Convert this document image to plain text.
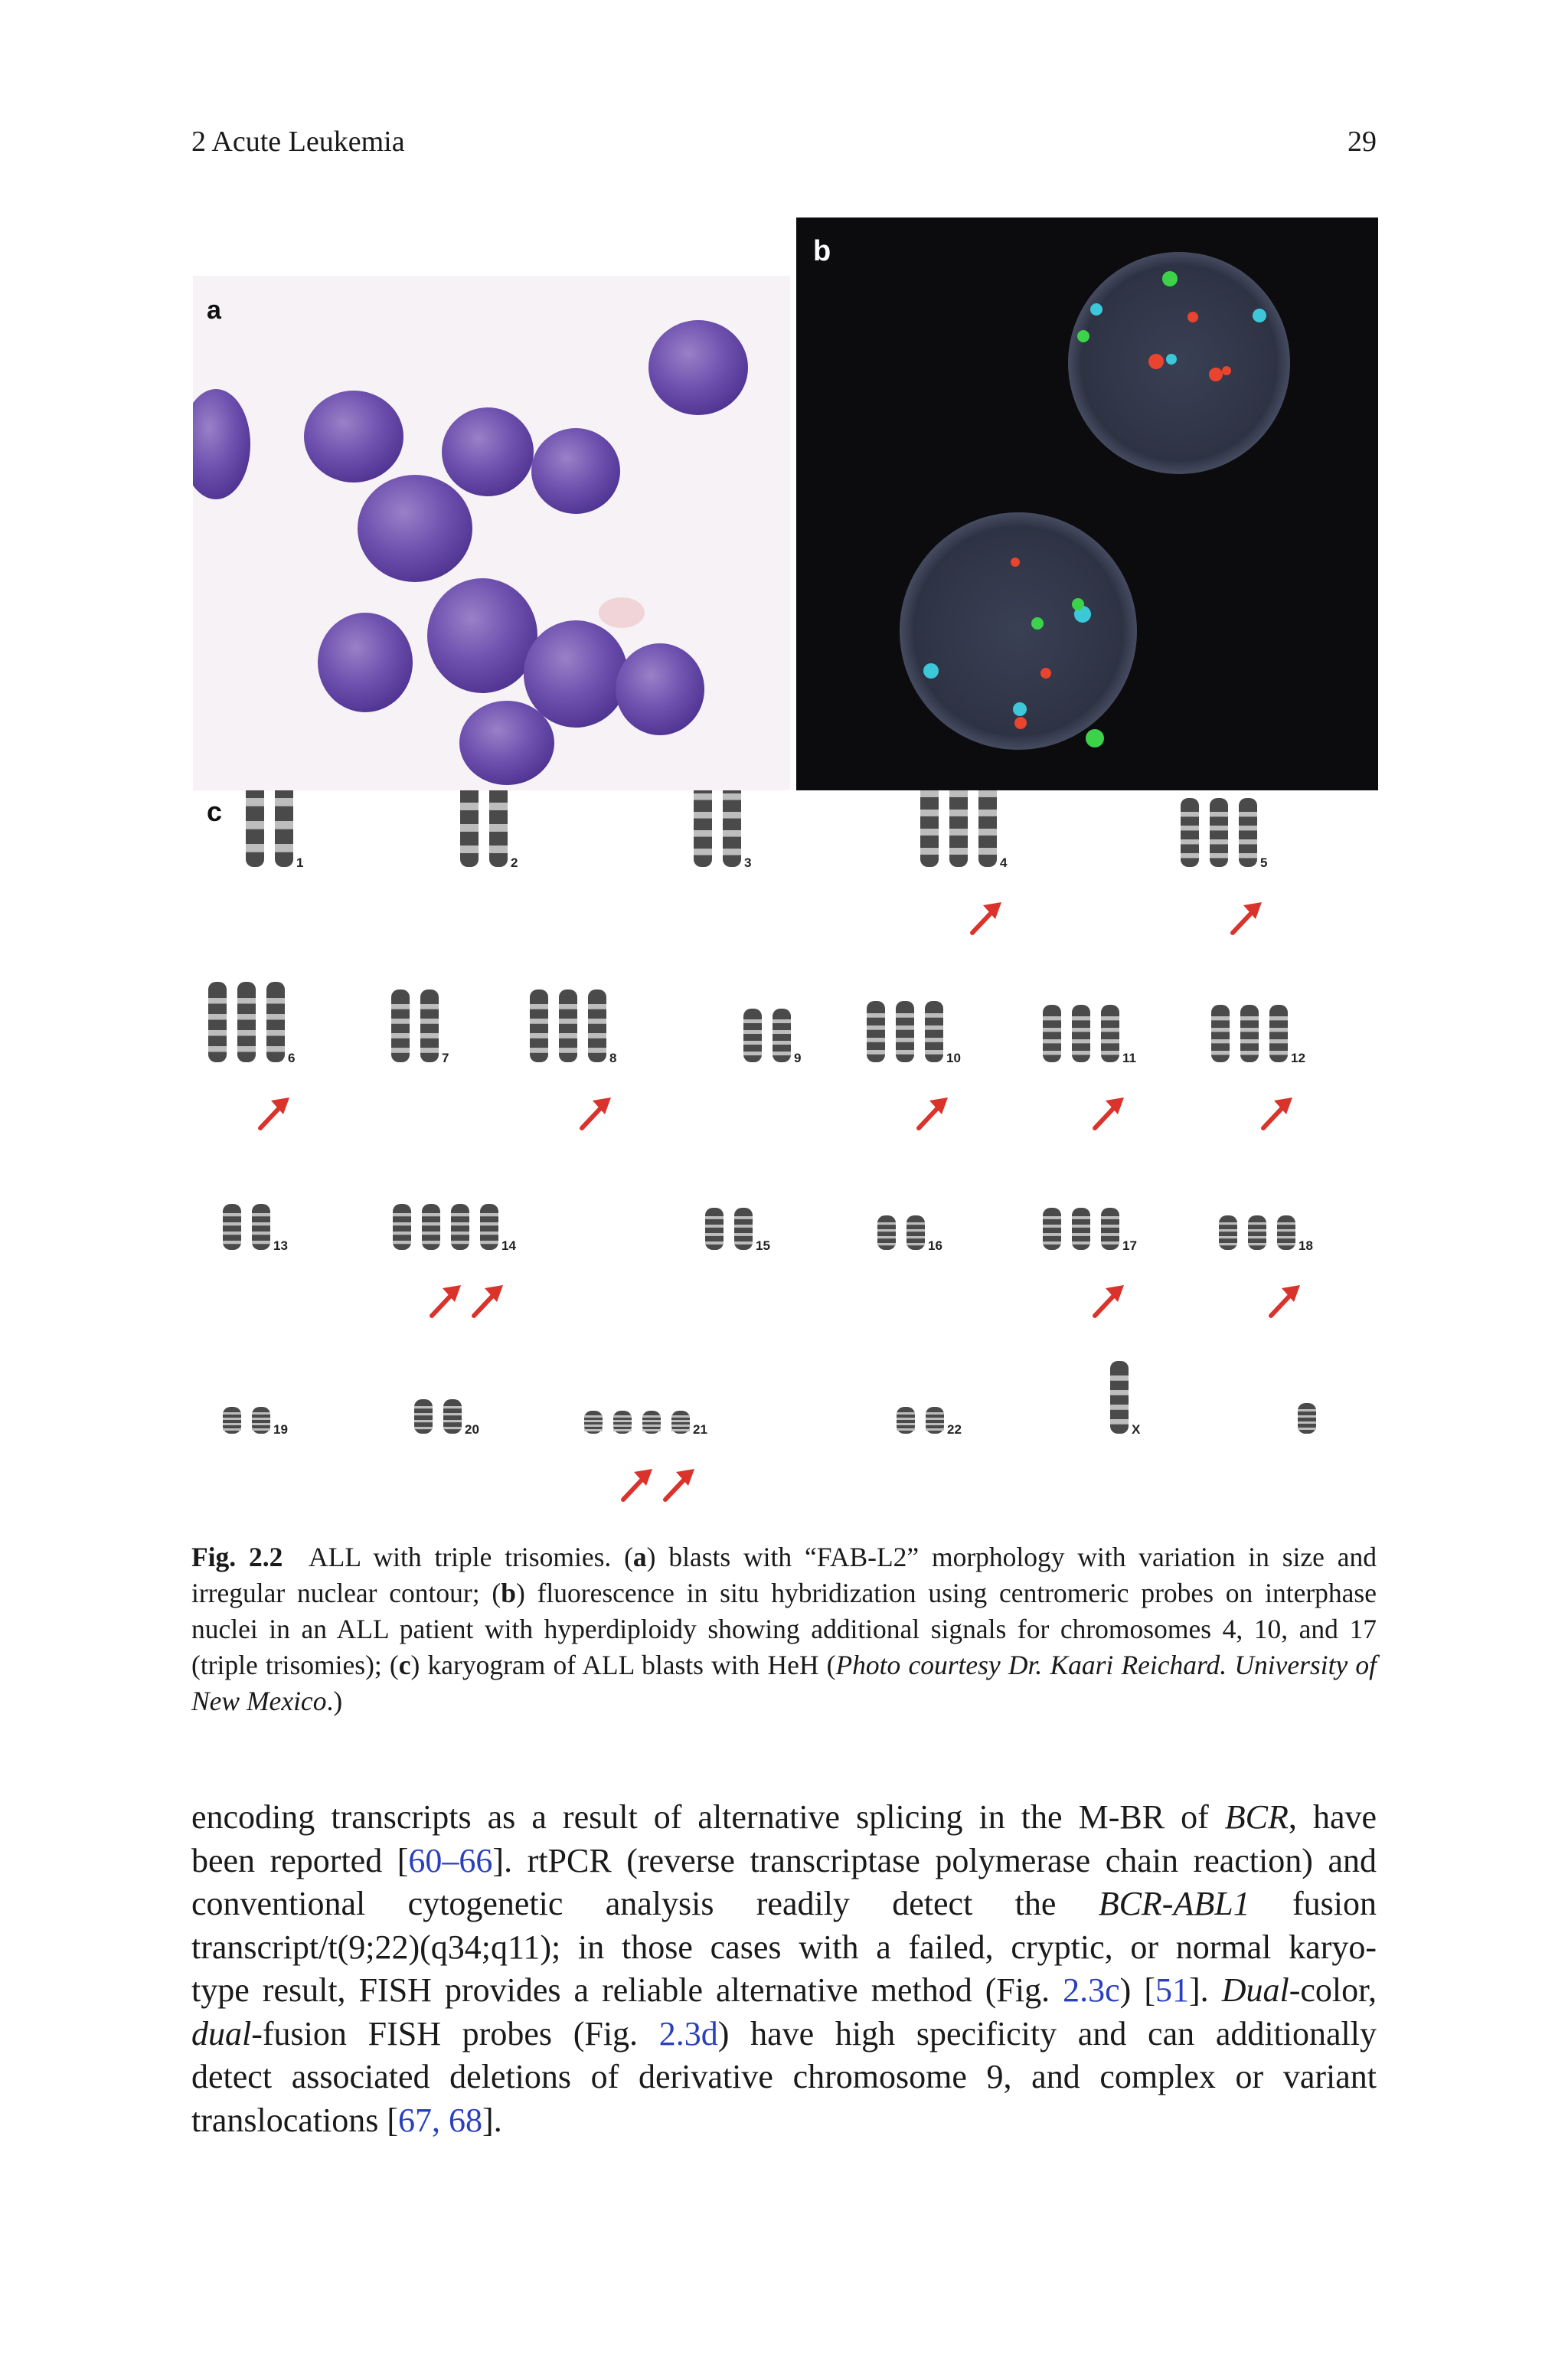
2 Acute Leukemia	29
a
b
c
1	2	3	4	5
6	7	8	9	10	11	12
13	14	15	16	17	18
19	20	21	22	X
Fig. 2.2 ALL with triple trisomies. (a) blasts with “FAB-L2” morphology with variation in size and irregular nuclear contour; (b) fluorescence in situ hybridization using centromeric probes on interphase nuclei in an ALL patient with hyperdiploidy showing additional signals for chromosomes 4, 10, and 17 (triple trisomies); (c) karyogram of ALL blasts with HeH (Photo courtesy Dr. Kaari Reichard. University of New Mexico.)
encoding transcripts as a result of alternative splicing in the M-BR of BCR, have
been reported [60–66]. rtPCR (reverse transcriptase polymerase chain reaction) and
conventional cytogenetic analysis readily detect the BCR-ABL1 fusion
transcript/t(9;22)(q34;q11); in those cases with a failed, cryptic, or normal karyo-
type result, FISH provides a reliable alternative method (Fig. 2.3c) [51]. Dual-color,
dual-fusion FISH probes (Fig. 2.3d) have high specificity and can additionally
detect associated deletions of derivative chromosome 9, and complex or variant
translocations [67, 68].
